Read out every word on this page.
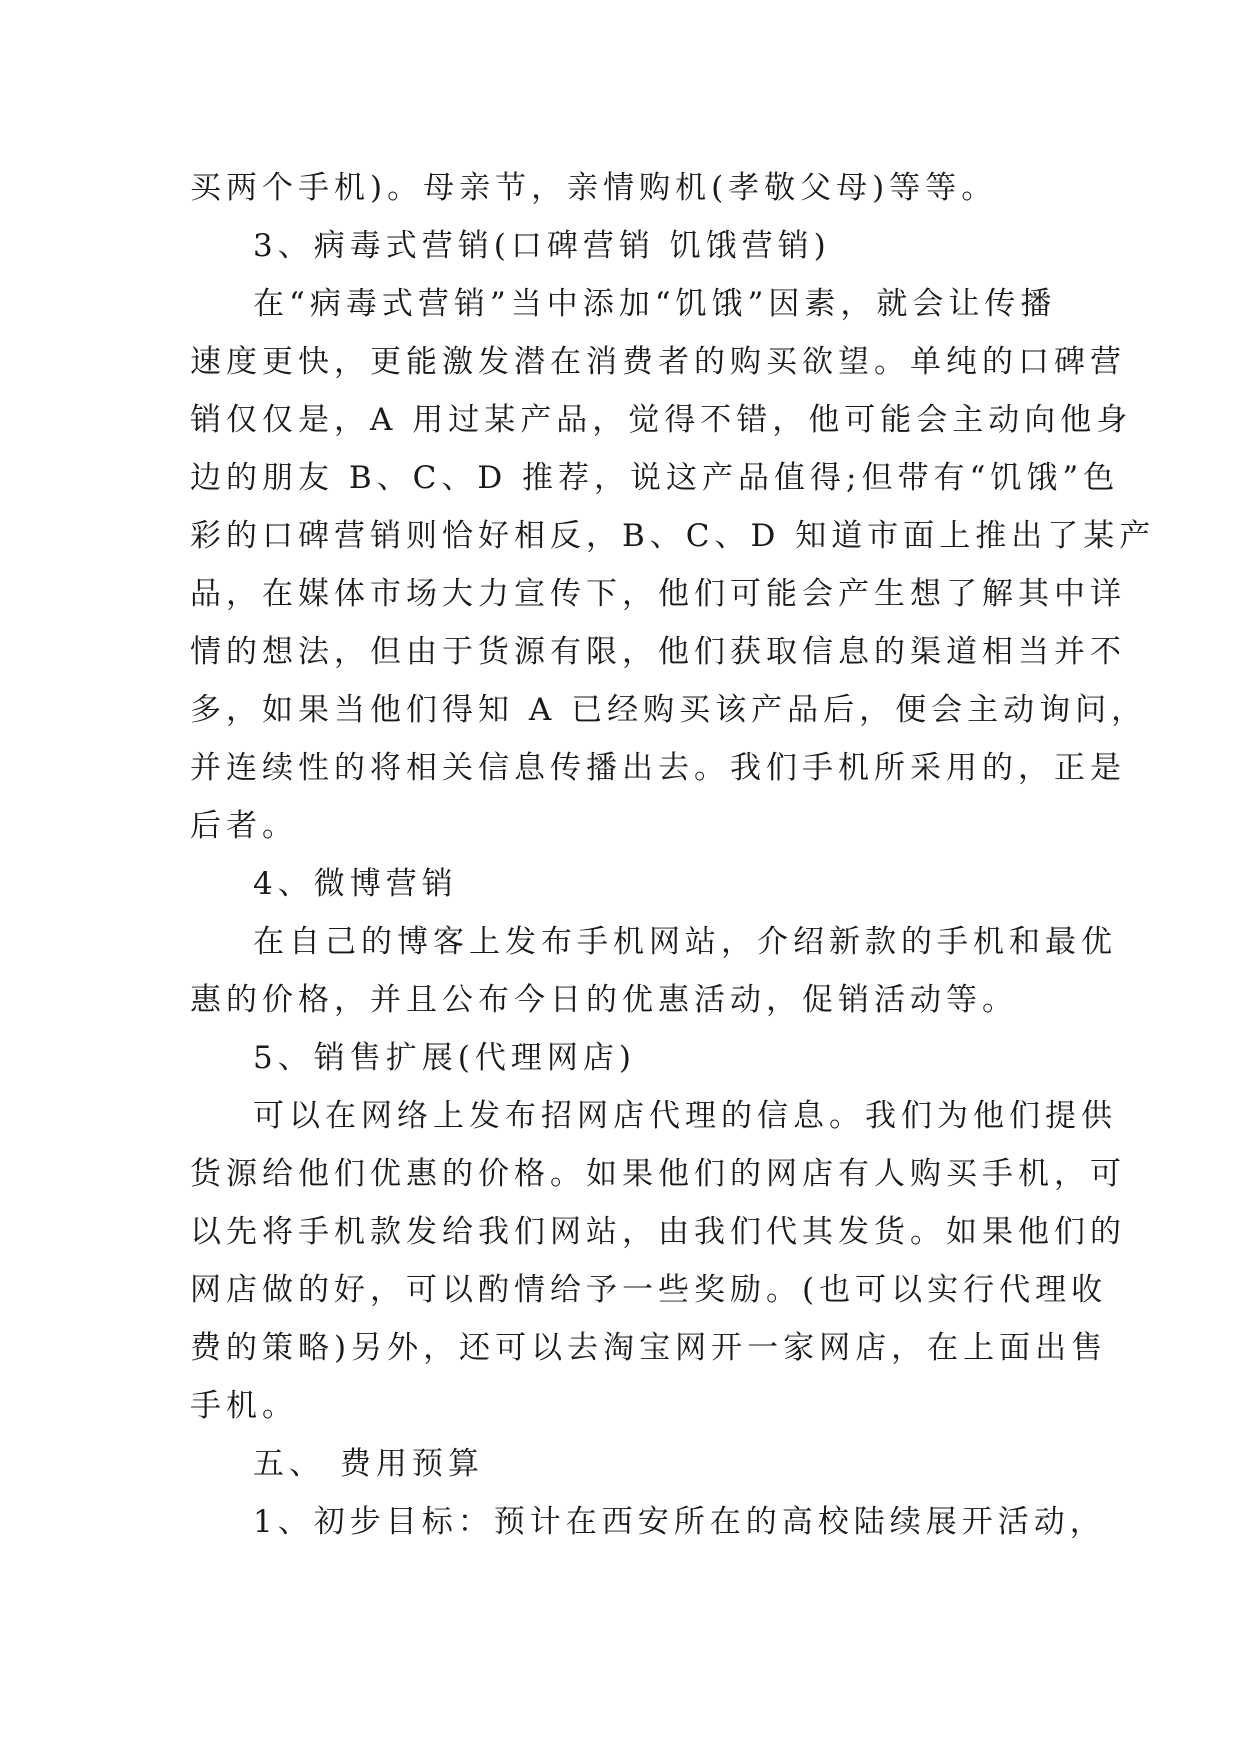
买两个手机)。母亲节，亲情购机(孝敬父母)等等。
3、病毒式营销(口碑营销 饥饿营销)
在“病毒式营销”当中添加“饥饿”因素，就会让传播
速度更快，更能激发潜在消费者的购买欲望。单纯的口碑营
销仅仅是，A 用过某产品，觉得不错，他可能会主动向他身
边的朋友 B、C、D 推荐，说这产品值得;但带有“饥饿”色
彩的口碑营销则恰好相反，B、C、D 知道市面上推出了某产
品，在媒体市场大力宣传下，他们可能会产生想了解其中详
情的想法，但由于货源有限，他们获取信息的渠道相当并不
多，如果当他们得知 A 已经购买该产品后，便会主动询问，
并连续性的将相关信息传播出去。我们手机所采用的，正是
后者。
4、微博营销
在自己的博客上发布手机网站，介绍新款的手机和最优
惠的价格，并且公布今日的优惠活动，促销活动等。
5、销售扩展(代理网店)
可以在网络上发布招网店代理的信息。我们为他们提供
货源给他们优惠的价格。如果他们的网店有人购买手机，可
以先将手机款发给我们网站，由我们代其发货。如果他们的
网店做的好，可以酌情给予一些奖励。(也可以实行代理收
费的策略)另外，还可以去淘宝网开一家网店，在上面出售
手机。
五、 费用预算
1、初步目标：预计在西安所在的高校陆续展开活动，
